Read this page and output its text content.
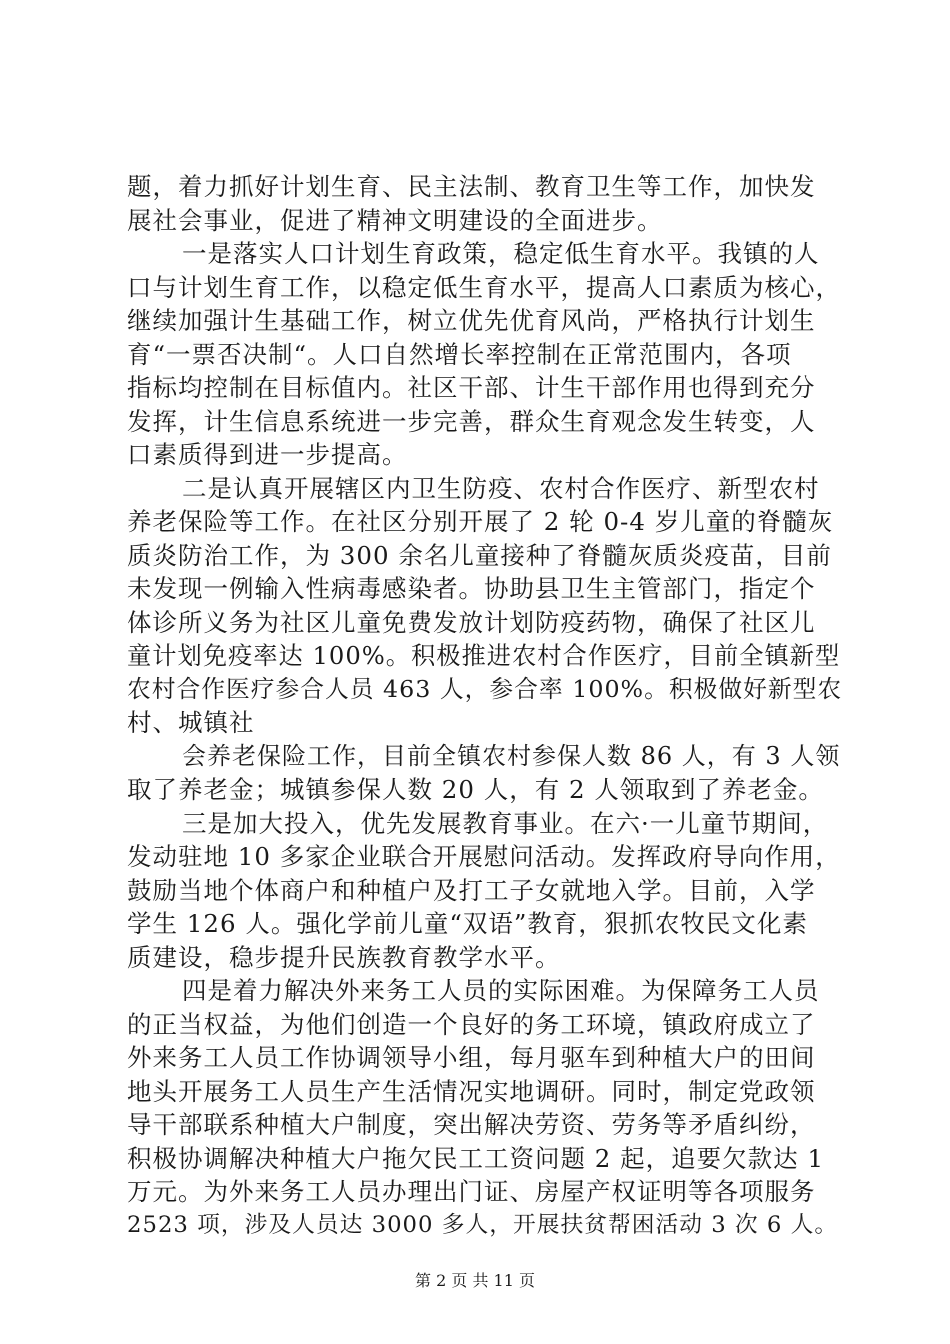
题，着力抓好计划生育、民主法制、教育卫生等工作，加快发
展社会事业，促进了精神文明建设的全面进步。
一是落实人口计划生育政策，稳定低生育水平。我镇的人
口与计划生育工作，以稳定低生育水平，提高人口素质为核心，
继续加强计生基础工作，树立优先优育风尚，严格执行计划生
育“一票否决制“。人口自然增长率控制在正常范围内，各项
指标均控制在目标值内。社区干部、计生干部作用也得到充分
发挥，计生信息系统进一步完善，群众生育观念发生转变，人
口素质得到进一步提高。
二是认真开展辖区内卫生防疫、农村合作医疗、新型农村
养老保险等工作。在社区分别开展了 2 轮 0-4 岁儿童的脊髓灰
质炎防治工作，为 300 余名儿童接种了脊髓灰质炎疫苗，目前
未发现一例输入性病毒感染者。协助县卫生主管部门，指定个
体诊所义务为社区儿童免费发放计划防疫药物，确保了社区儿
童计划免疫率达 100%。积极推进农村合作医疗，目前全镇新型
农村合作医疗参合人员 463 人，参合率 100%。积极做好新型农
村、城镇社
会养老保险工作，目前全镇农村参保人数 86 人，有 3 人领
取了养老金；城镇参保人数 20 人，有 2 人领取到了养老金。
三是加大投入，优先发展教育事业。在六·一儿童节期间，
发动驻地 10 多家企业联合开展慰问活动。发挥政府导向作用，
鼓励当地个体商户和种植户及打工子女就地入学。目前，入学
学生 126 人。强化学前儿童“双语”教育，狠抓农牧民文化素
质建设，稳步提升民族教育教学水平。
四是着力解决外来务工人员的实际困难。为保障务工人员
的正当权益，为他们创造一个良好的务工环境，镇政府成立了
外来务工人员工作协调领导小组，每月驱车到种植大户的田间
地头开展务工人员生产生活情况实地调研。同时，制定党政领
导干部联系种植大户制度，突出解决劳资、劳务等矛盾纠纷，
积极协调解决种植大户拖欠民工工资问题 2 起，追要欠款达 1
万元。为外来务工人员办理出门证、房屋产权证明等各项服务
2523 项，涉及人员达 3000 多人，开展扶贫帮困活动 3 次 6 人。
第 2 页 共 11 页
